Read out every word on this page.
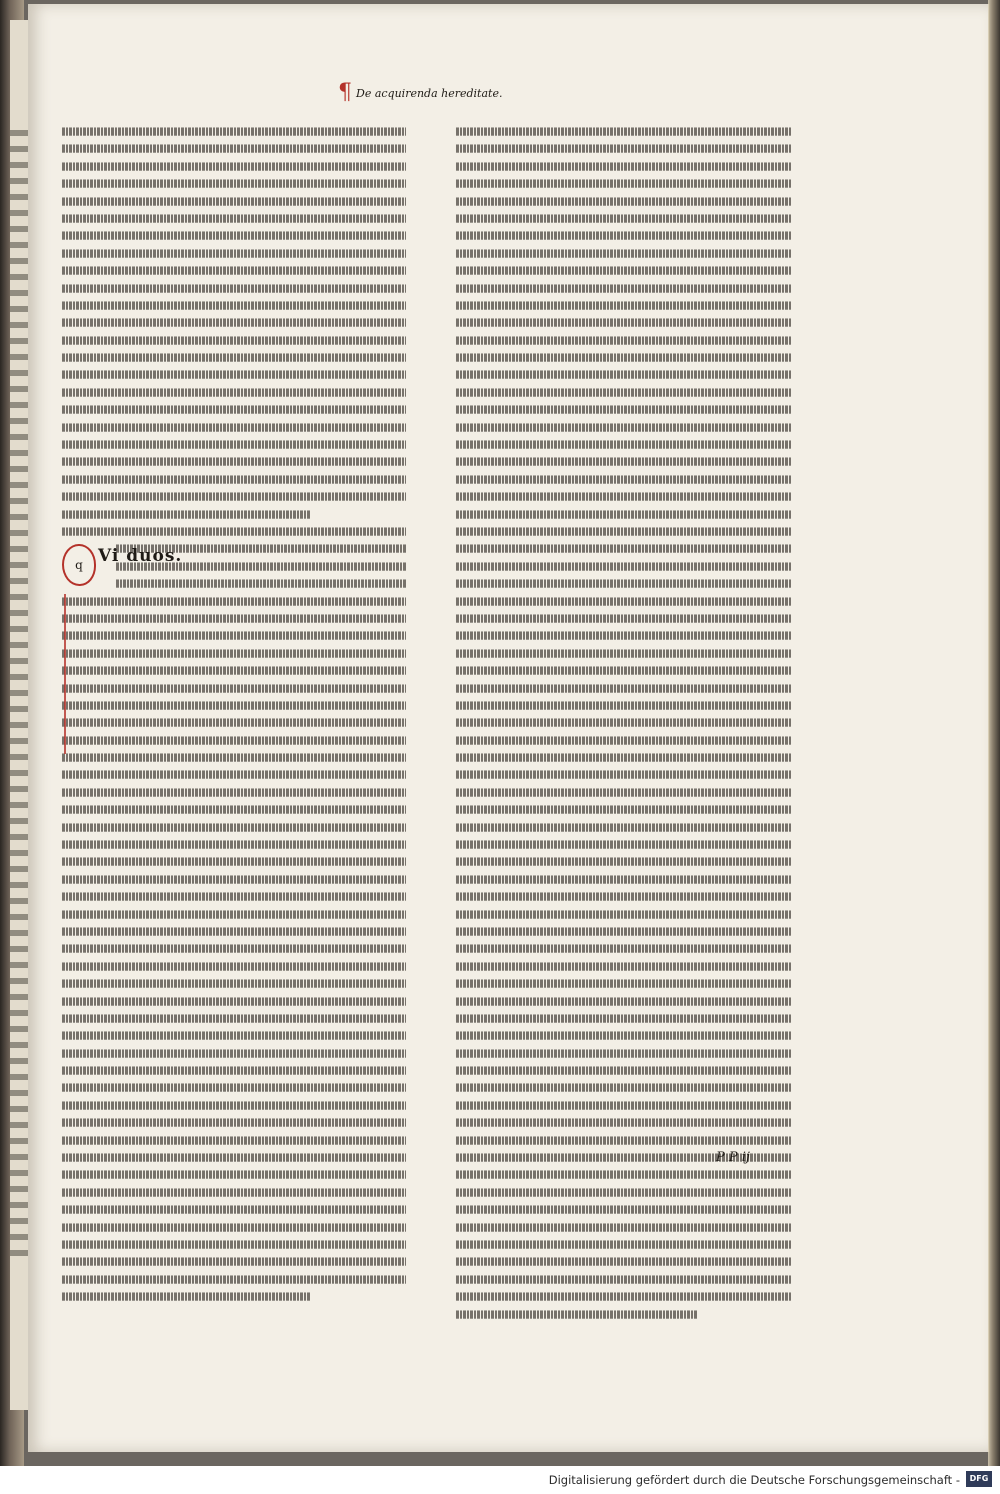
¶ De acquirenda hereditate.
q Vi duos.
P P ij
Digitalisierung gefördert durch die Deutsche Forschungsgemeinschaft -	DFG
